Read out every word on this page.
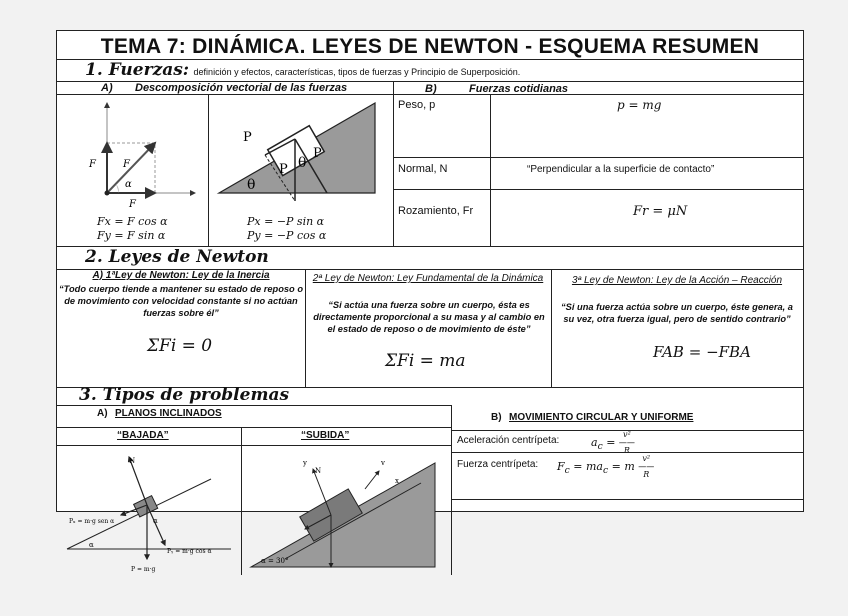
TEMA 7: DINÁMICA. LEYES DE NEWTON - ESQUEMA RESUMEN
1. Fuerzas: definición y efectos, características, tipos de fuerzas y Principio de Superposición.
A) Descomposición vectorial de las fuerzas	B)	Fuerzas cotidianas
Peso, p	p = mg
Normal, N	“Perpendicular a la superficie de contacto”
Rozamiento, Fr	Fr = μN
F	F
α
F
Fx = F cos α
Fy = F sin α
P
P
P
θ
θ
Px = −P sin α
Py = −P cos α
2. Leyes de Newton
A) 1ªLey de Newton: Ley de la Inercia
“Todo cuerpo tiende a mantener su estado de reposo o de movimiento con velocidad constante si no actúan fuerzas sobre él”
ΣFi = 0
2ª Ley de Newton: Ley Fundamental de la Dinámica
“Si actúa una fuerza sobre un cuerpo, ésta es directamente proporcional a su masa y al cambio en el estado de reposo o de movimiento de éste”
ΣFi = ma
3ª Ley de Newton: Ley de la Acción – Reacción
“Si una fuerza actúa sobre un cuerpo, éste genera, a su vez, otra fuerza igual, pero de sentido contrario”
FAB = −FBA
3. Tipos de problemas
A) PLANOS INCLINADOS
“BAJADA”	“SUBIDA”
B) MOVIMIENTO CIRCULAR Y UNIFORME
Aceleración centrípeta:	$a_c = v^2$
——
R
Fuerza centrípeta: $F_c = ma_c = m$ v²
——
R
N
Pₓ = m·g sen α
Pᵧ = m·g cos α
P = m·g
α
α
y
N
v
x
α = 30°
